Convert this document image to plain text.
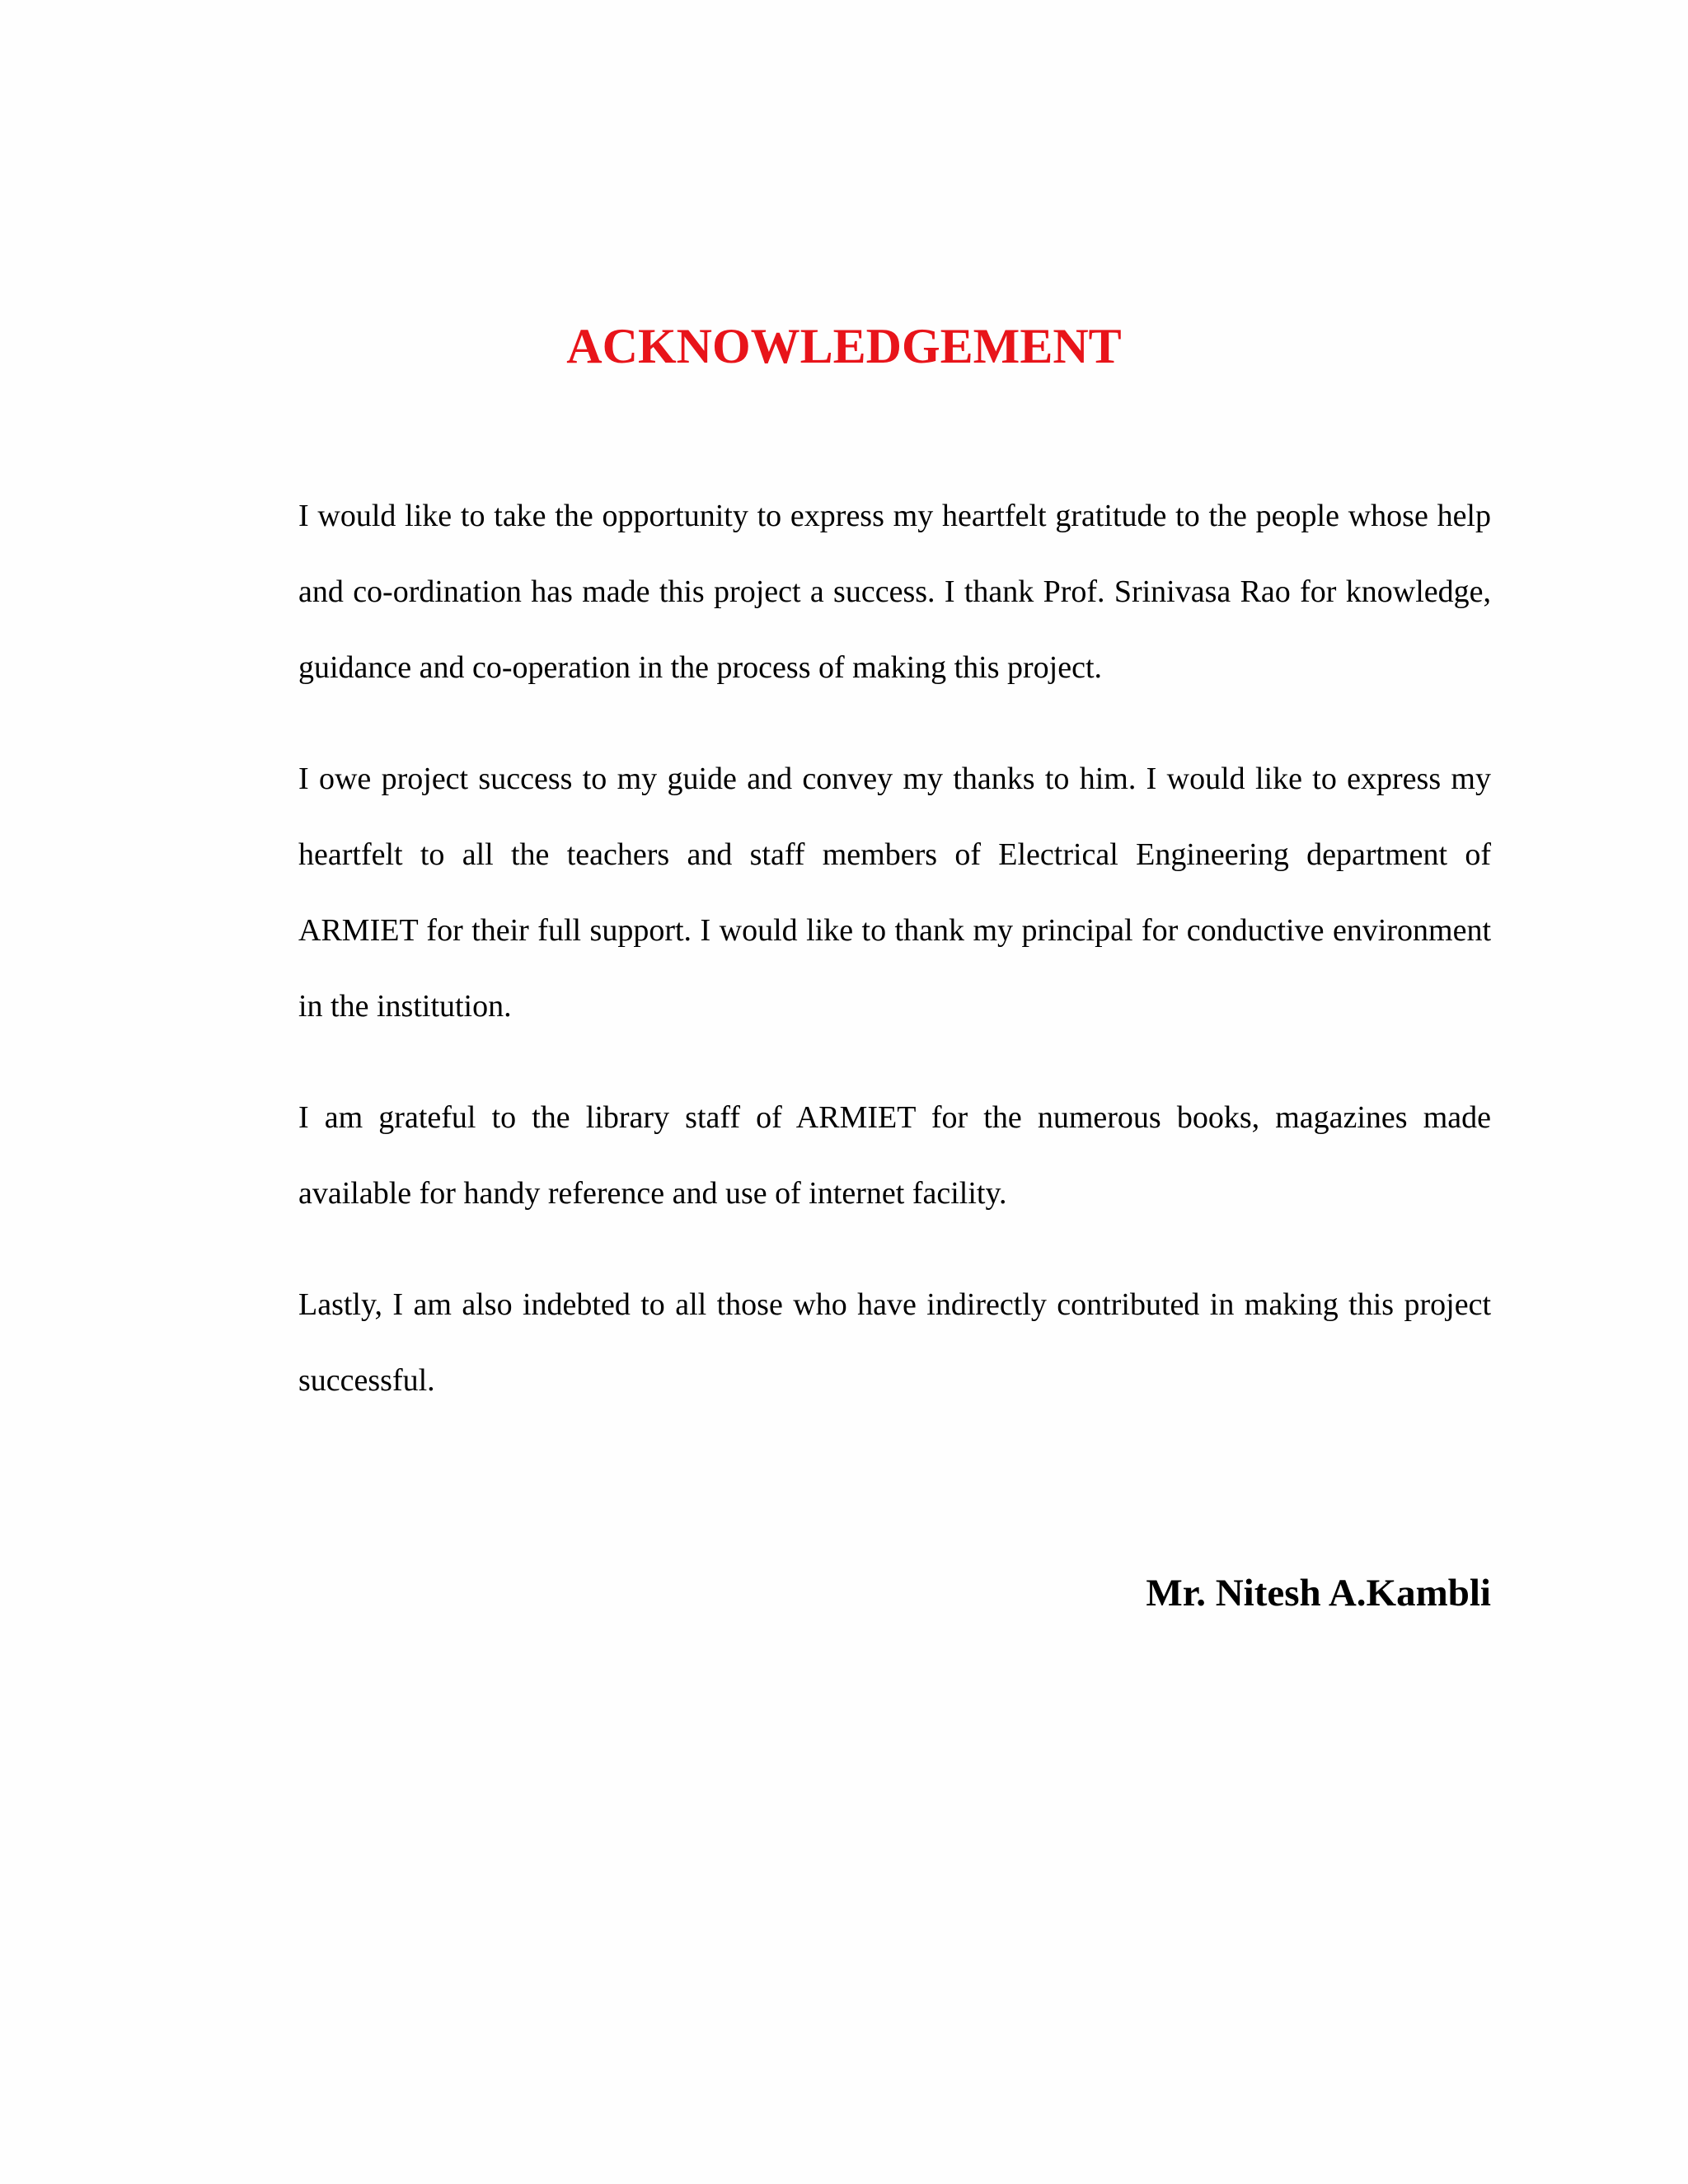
ACKNOWLEDGEMENT

I would like to take the opportunity to express my heartfelt gratitude to the people whose help and co-ordination has made this project a success. I thank Prof. Srinivasa Rao for knowledge, guidance and co-operation in the process of making this project.

I owe project success to my guide and convey my thanks to him. I would like to express my heartfelt to all the teachers and staff members of Electrical Engineering department of ARMIET for their full support. I would like to thank my principal for conductive environment in the institution.

I am grateful to the library staff of ARMIET for the numerous books, magazines made available for handy reference and use of internet facility.

Lastly, I am also indebted to all those who have indirectly contributed in making this project successful.

Mr. Nitesh A.Kambli
